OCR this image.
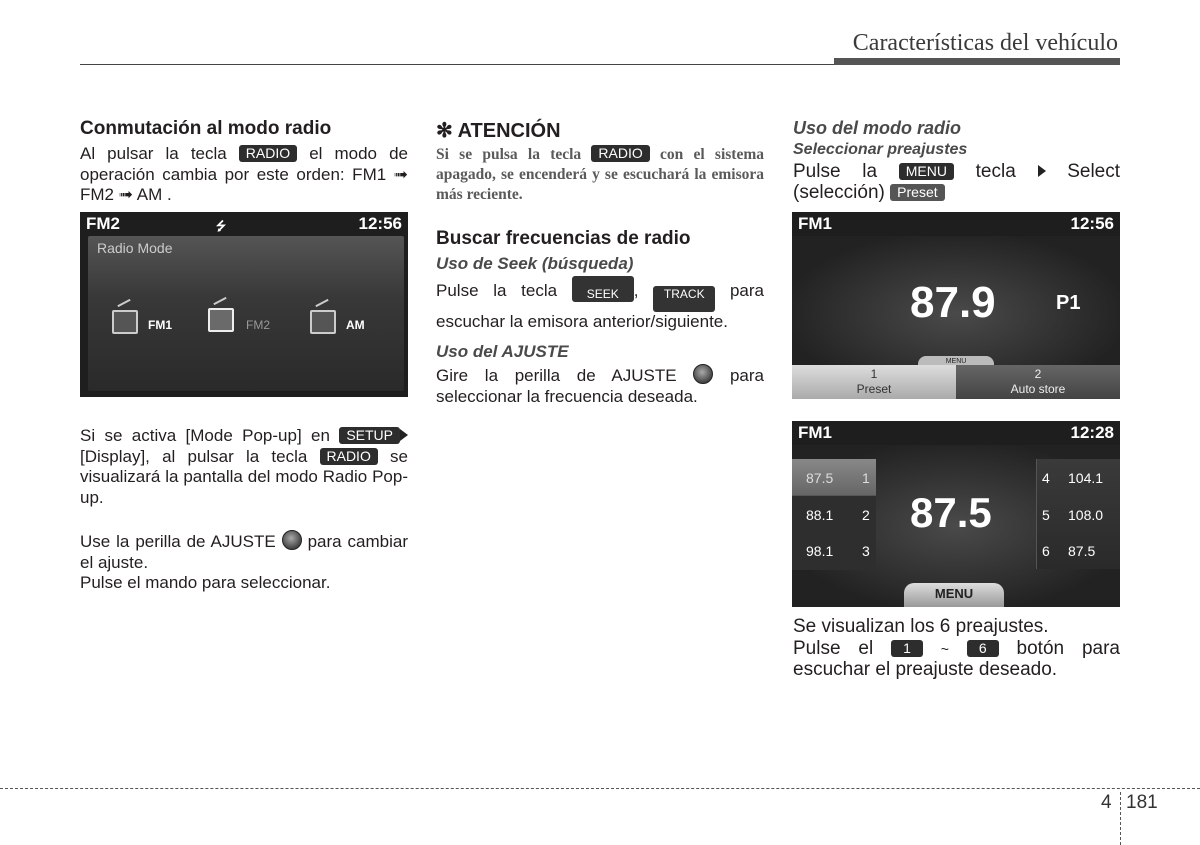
Características del vehículo
Conmutación al modo radio
Al pulsar la tecla RADIO el modo de operación cambia por este orden: FM1 ➟ FM2 ➟ AM .
FM2	⭍	12:56
Radio Mode
FM1	FM2	AM
Si se activa [Mode Pop-up] en SETUP [Display], al pulsar la tecla RADIO se visualizará la pantalla del modo Radio Pop-up.
Use la perilla de AJUSTE para cambiar el ajuste.
Pulse el mando para seleccionar.
✻ ATENCIÓN
Si se pulsa la tecla RADIO con el sistema apagado, se encenderá y se escuchará la emisora más reciente.
Buscar frecuencias de radio
Uso de Seek (búsqueda)
Pulse la tecla SEEK , TRACK para escuchar la emisora anterior/siguiente.
Uso del AJUSTE
Gire la perilla de AJUSTE	para seleccionar la frecuencia deseada.
Uso del modo radio
Seleccionar preajustes
Pulse la MENU tecla	Select (selección) Preset
FM1	12:56
87.9	P1
MENU
1
Preset
2
Auto store
FM1	12:28
87.5 1
88.1 2
98.1 3
4 104.1
5 108.0
6 87.5
87.5
MENU
Se visualizan los 6 preajustes.
Pulse el 1 ~ 6 botón para escuchar el preajuste deseado.
4 181
